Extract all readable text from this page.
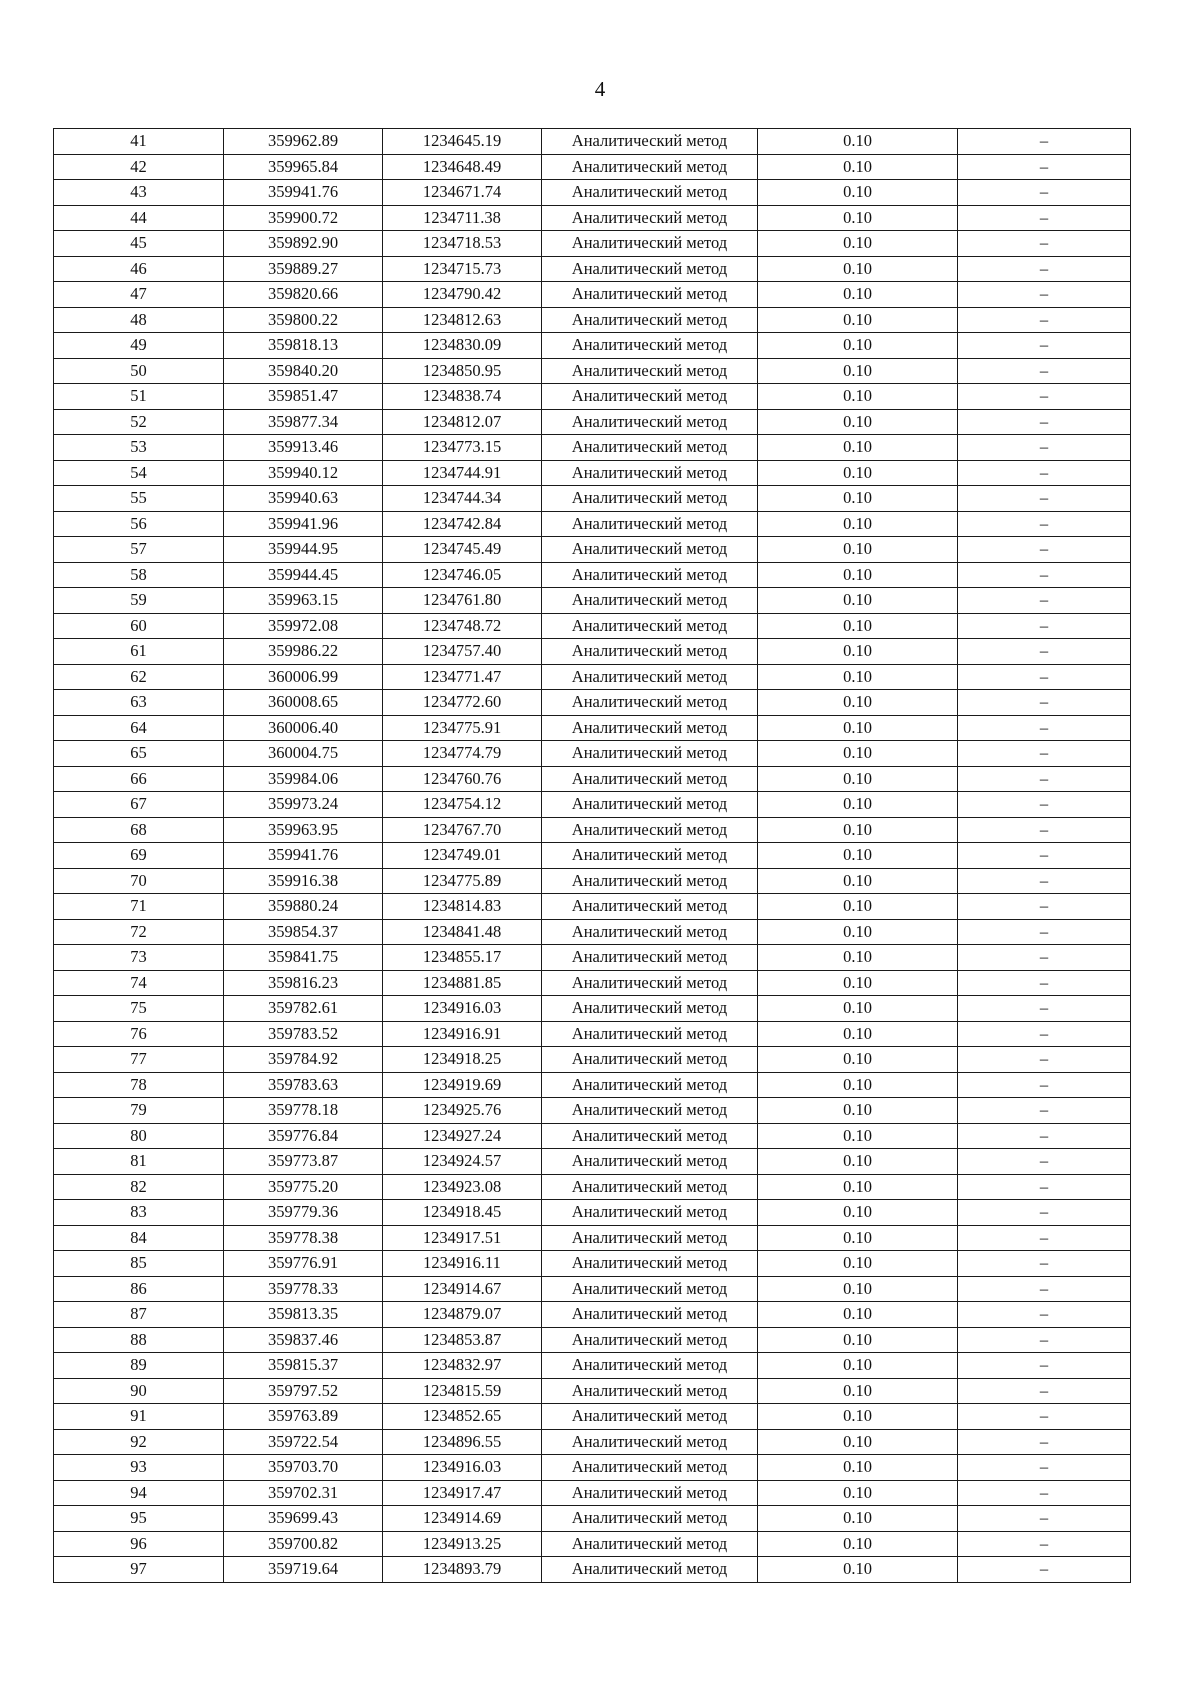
4
41	359962.89	1234645.19	Аналитический метод	0.10	–
42	359965.84	1234648.49	Аналитический метод	0.10	–
43	359941.76	1234671.74	Аналитический метод	0.10	–
44	359900.72	1234711.38	Аналитический метод	0.10	–
45	359892.90	1234718.53	Аналитический метод	0.10	–
46	359889.27	1234715.73	Аналитический метод	0.10	–
47	359820.66	1234790.42	Аналитический метод	0.10	–
48	359800.22	1234812.63	Аналитический метод	0.10	–
49	359818.13	1234830.09	Аналитический метод	0.10	–
50	359840.20	1234850.95	Аналитический метод	0.10	–
51	359851.47	1234838.74	Аналитический метод	0.10	–
52	359877.34	1234812.07	Аналитический метод	0.10	–
53	359913.46	1234773.15	Аналитический метод	0.10	–
54	359940.12	1234744.91	Аналитический метод	0.10	–
55	359940.63	1234744.34	Аналитический метод	0.10	–
56	359941.96	1234742.84	Аналитический метод	0.10	–
57	359944.95	1234745.49	Аналитический метод	0.10	–
58	359944.45	1234746.05	Аналитический метод	0.10	–
59	359963.15	1234761.80	Аналитический метод	0.10	–
60	359972.08	1234748.72	Аналитический метод	0.10	–
61	359986.22	1234757.40	Аналитический метод	0.10	–
62	360006.99	1234771.47	Аналитический метод	0.10	–
63	360008.65	1234772.60	Аналитический метод	0.10	–
64	360006.40	1234775.91	Аналитический метод	0.10	–
65	360004.75	1234774.79	Аналитический метод	0.10	–
66	359984.06	1234760.76	Аналитический метод	0.10	–
67	359973.24	1234754.12	Аналитический метод	0.10	–
68	359963.95	1234767.70	Аналитический метод	0.10	–
69	359941.76	1234749.01	Аналитический метод	0.10	–
70	359916.38	1234775.89	Аналитический метод	0.10	–
71	359880.24	1234814.83	Аналитический метод	0.10	–
72	359854.37	1234841.48	Аналитический метод	0.10	–
73	359841.75	1234855.17	Аналитический метод	0.10	–
74	359816.23	1234881.85	Аналитический метод	0.10	–
75	359782.61	1234916.03	Аналитический метод	0.10	–
76	359783.52	1234916.91	Аналитический метод	0.10	–
77	359784.92	1234918.25	Аналитический метод	0.10	–
78	359783.63	1234919.69	Аналитический метод	0.10	–
79	359778.18	1234925.76	Аналитический метод	0.10	–
80	359776.84	1234927.24	Аналитический метод	0.10	–
81	359773.87	1234924.57	Аналитический метод	0.10	–
82	359775.20	1234923.08	Аналитический метод	0.10	–
83	359779.36	1234918.45	Аналитический метод	0.10	–
84	359778.38	1234917.51	Аналитический метод	0.10	–
85	359776.91	1234916.11	Аналитический метод	0.10	–
86	359778.33	1234914.67	Аналитический метод	0.10	–
87	359813.35	1234879.07	Аналитический метод	0.10	–
88	359837.46	1234853.87	Аналитический метод	0.10	–
89	359815.37	1234832.97	Аналитический метод	0.10	–
90	359797.52	1234815.59	Аналитический метод	0.10	–
91	359763.89	1234852.65	Аналитический метод	0.10	–
92	359722.54	1234896.55	Аналитический метод	0.10	–
93	359703.70	1234916.03	Аналитический метод	0.10	–
94	359702.31	1234917.47	Аналитический метод	0.10	–
95	359699.43	1234914.69	Аналитический метод	0.10	–
96	359700.82	1234913.25	Аналитический метод	0.10	–
97	359719.64	1234893.79	Аналитический метод	0.10	–
